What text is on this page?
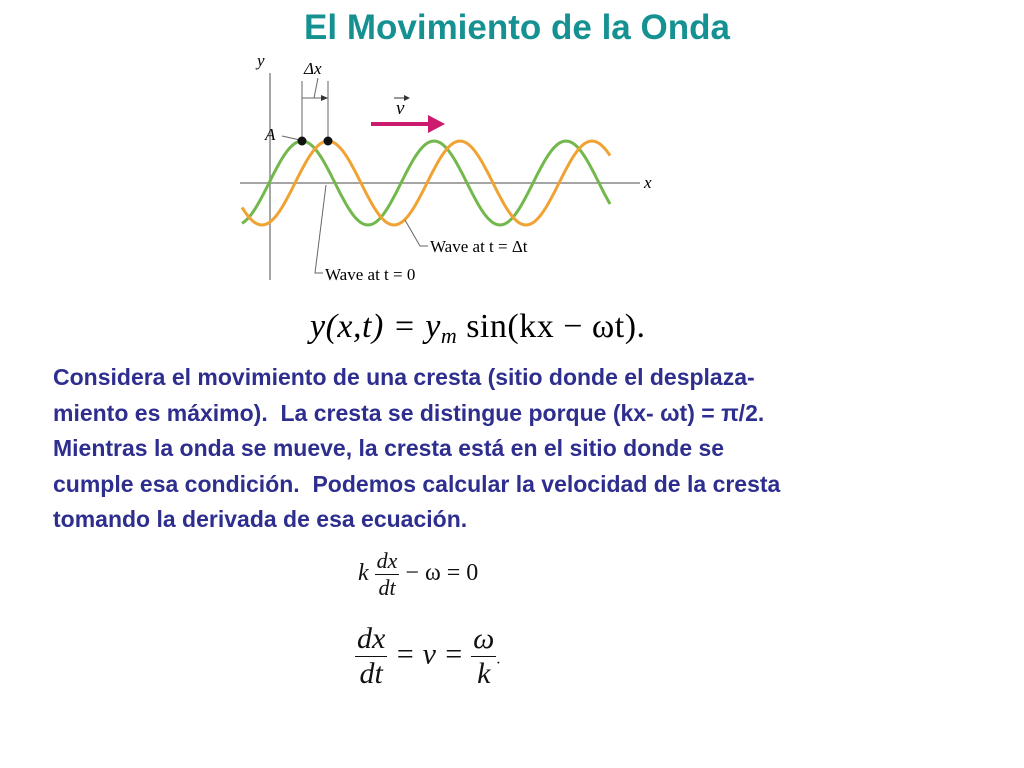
El Movimiento de la Onda
y
x
Δx
A
v
Wave at t = Δt
Wave at t = 0
$y(x,t) = y_m$ sin(kx − ωt).

Considera el movimiento de una cresta (sitio donde el desplaza-
miento es máximo).  La cresta se distingue porque (kx- ωt) = π/2.
Mientras la onda se mueve, la cresta está en el sitio donde se
cumple esa condición.  Podemos calcular la velocidad de la cresta
tomando la derivada de esa ecuación.

k $\frac{dx}{dt} - \omega = 0$
$\frac{dx}{dt} = v = \frac{\omega}{k}$ .
